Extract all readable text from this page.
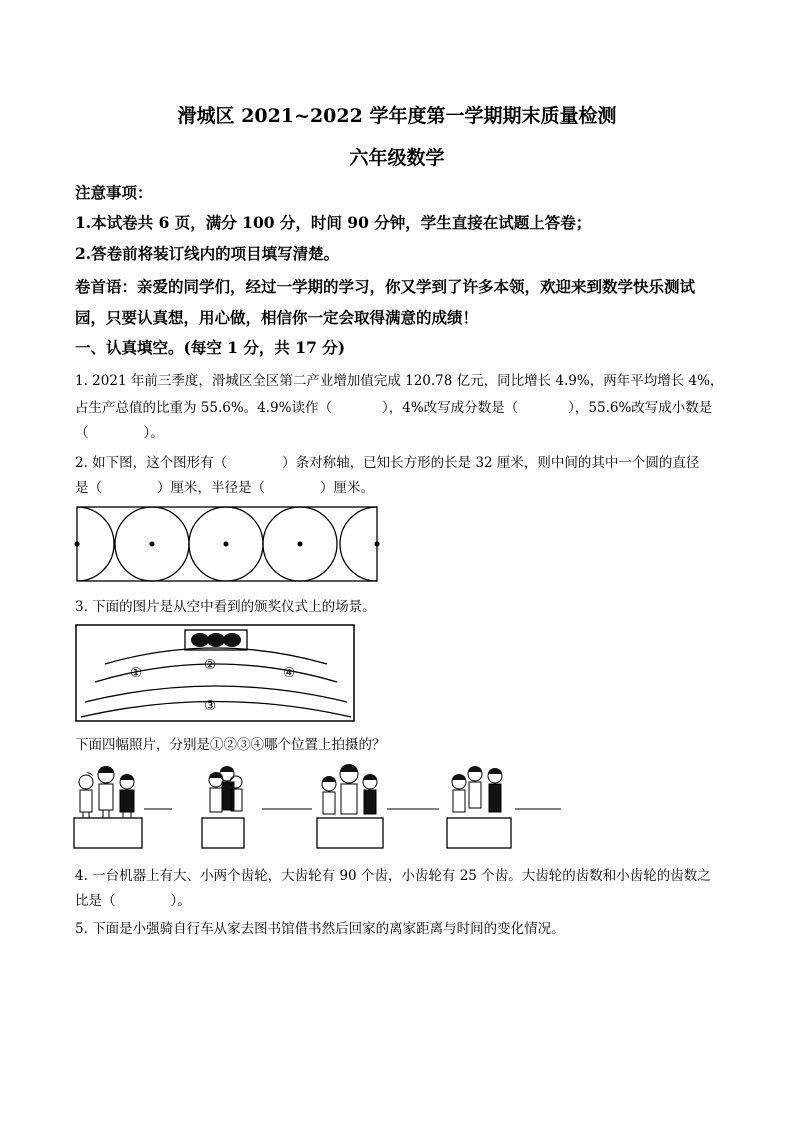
滑城区 2021~2022 学年度第一学期期末质量检测
六年级数学
注意事项：
1.本试卷共 6 页，满分 100 分，时间 90 分钟，学生直接在试题上答卷；
2.答卷前将装订线内的项目填写清楚。
卷首语：亲爱的同学们，经过一学期的学习，你又学到了许多本领，欢迎来到数学快乐测试
园，只要认真想，用心做，相信你一定会取得满意的成绩！
一、认真填空。(每空 1 分，共 17 分)
1. 2021 年前三季度，滑城区全区第二产业增加值完成 120.78 亿元，同比增长 4.9%，两年平均增长 4%，
占生产总值的比重为 55.6%。4.9%读作（	），4%改写成分数是（	），55.6%改写成小数是
（	）。
2. 如下图，这个图形有（	）条对称轴，已知长方形的长是 32 厘米，则中间的其中一个圆的直径
是（	）厘米，半径是（	）厘米。
3. 下面的图片是从空中看到的颁奖仪式上的场景。
①	②
③
④
下面四幅照片，分别是①②③④哪个位置上拍摄的？
4. 一台机器上有大、小两个齿轮，大齿轮有 90 个齿，小齿轮有 25 个齿。大齿轮的齿数和小齿轮的齿数之
比是（	）。
5. 下面是小强骑自行车从家去图书馆借书然后回家的离家距离与时间的变化情况。
